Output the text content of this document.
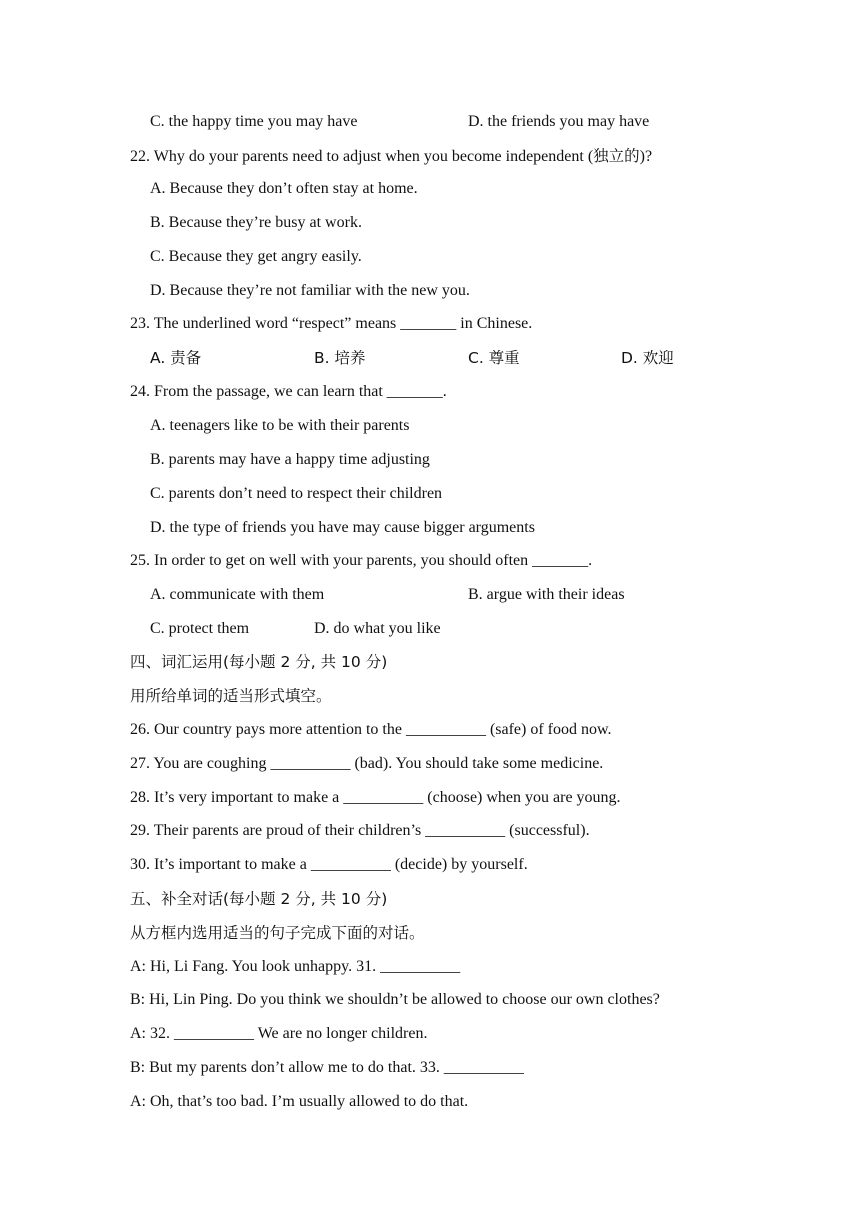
C. the happy time you may have	D. the friends you may have
22. Why do your parents need to adjust when you become independent (独立的)?
A. Because they don’t often stay at home.
B. Because they’re busy at work.
C. Because they get angry easily.
D. Because they’re not familiar with the new you.
23. The underlined word “respect” means _______ in Chinese.
A. 责备	B. 培养	C. 尊重	D. 欢迎
24. From the passage, we can learn that _______.
A. teenagers like to be with their parents
B. parents may have a happy time adjusting
C. parents don’t need to respect their children
D. the type of friends you have may cause bigger arguments
25. In order to get on well with your parents, you should often _______.
A. communicate with them	B. argue with their ideas
C. protect them	D. do what you like
四、词汇运用(每小题 2 分, 共 10 分)
用所给单词的适当形式填空。
26. Our country pays more attention to the __________ (safe) of food now.
27. You are coughing __________ (bad). You should take some medicine.
28. It’s very important to make a __________ (choose) when you are young.
29. Their parents are proud of their children’s __________ (successful).
30. It’s important to make a __________ (decide) by yourself.
五、补全对话(每小题 2 分, 共 10 分)
从方框内选用适当的句子完成下面的对话。
A: Hi, Li Fang. You look unhappy. 31. __________
B: Hi, Lin Ping. Do you think we shouldn’t be allowed to choose our own clothes?
A: 32. __________ We are no longer children.
B: But my parents don’t allow me to do that. 33. __________
A: Oh, that’s too bad. I’m usually allowed to do that.
